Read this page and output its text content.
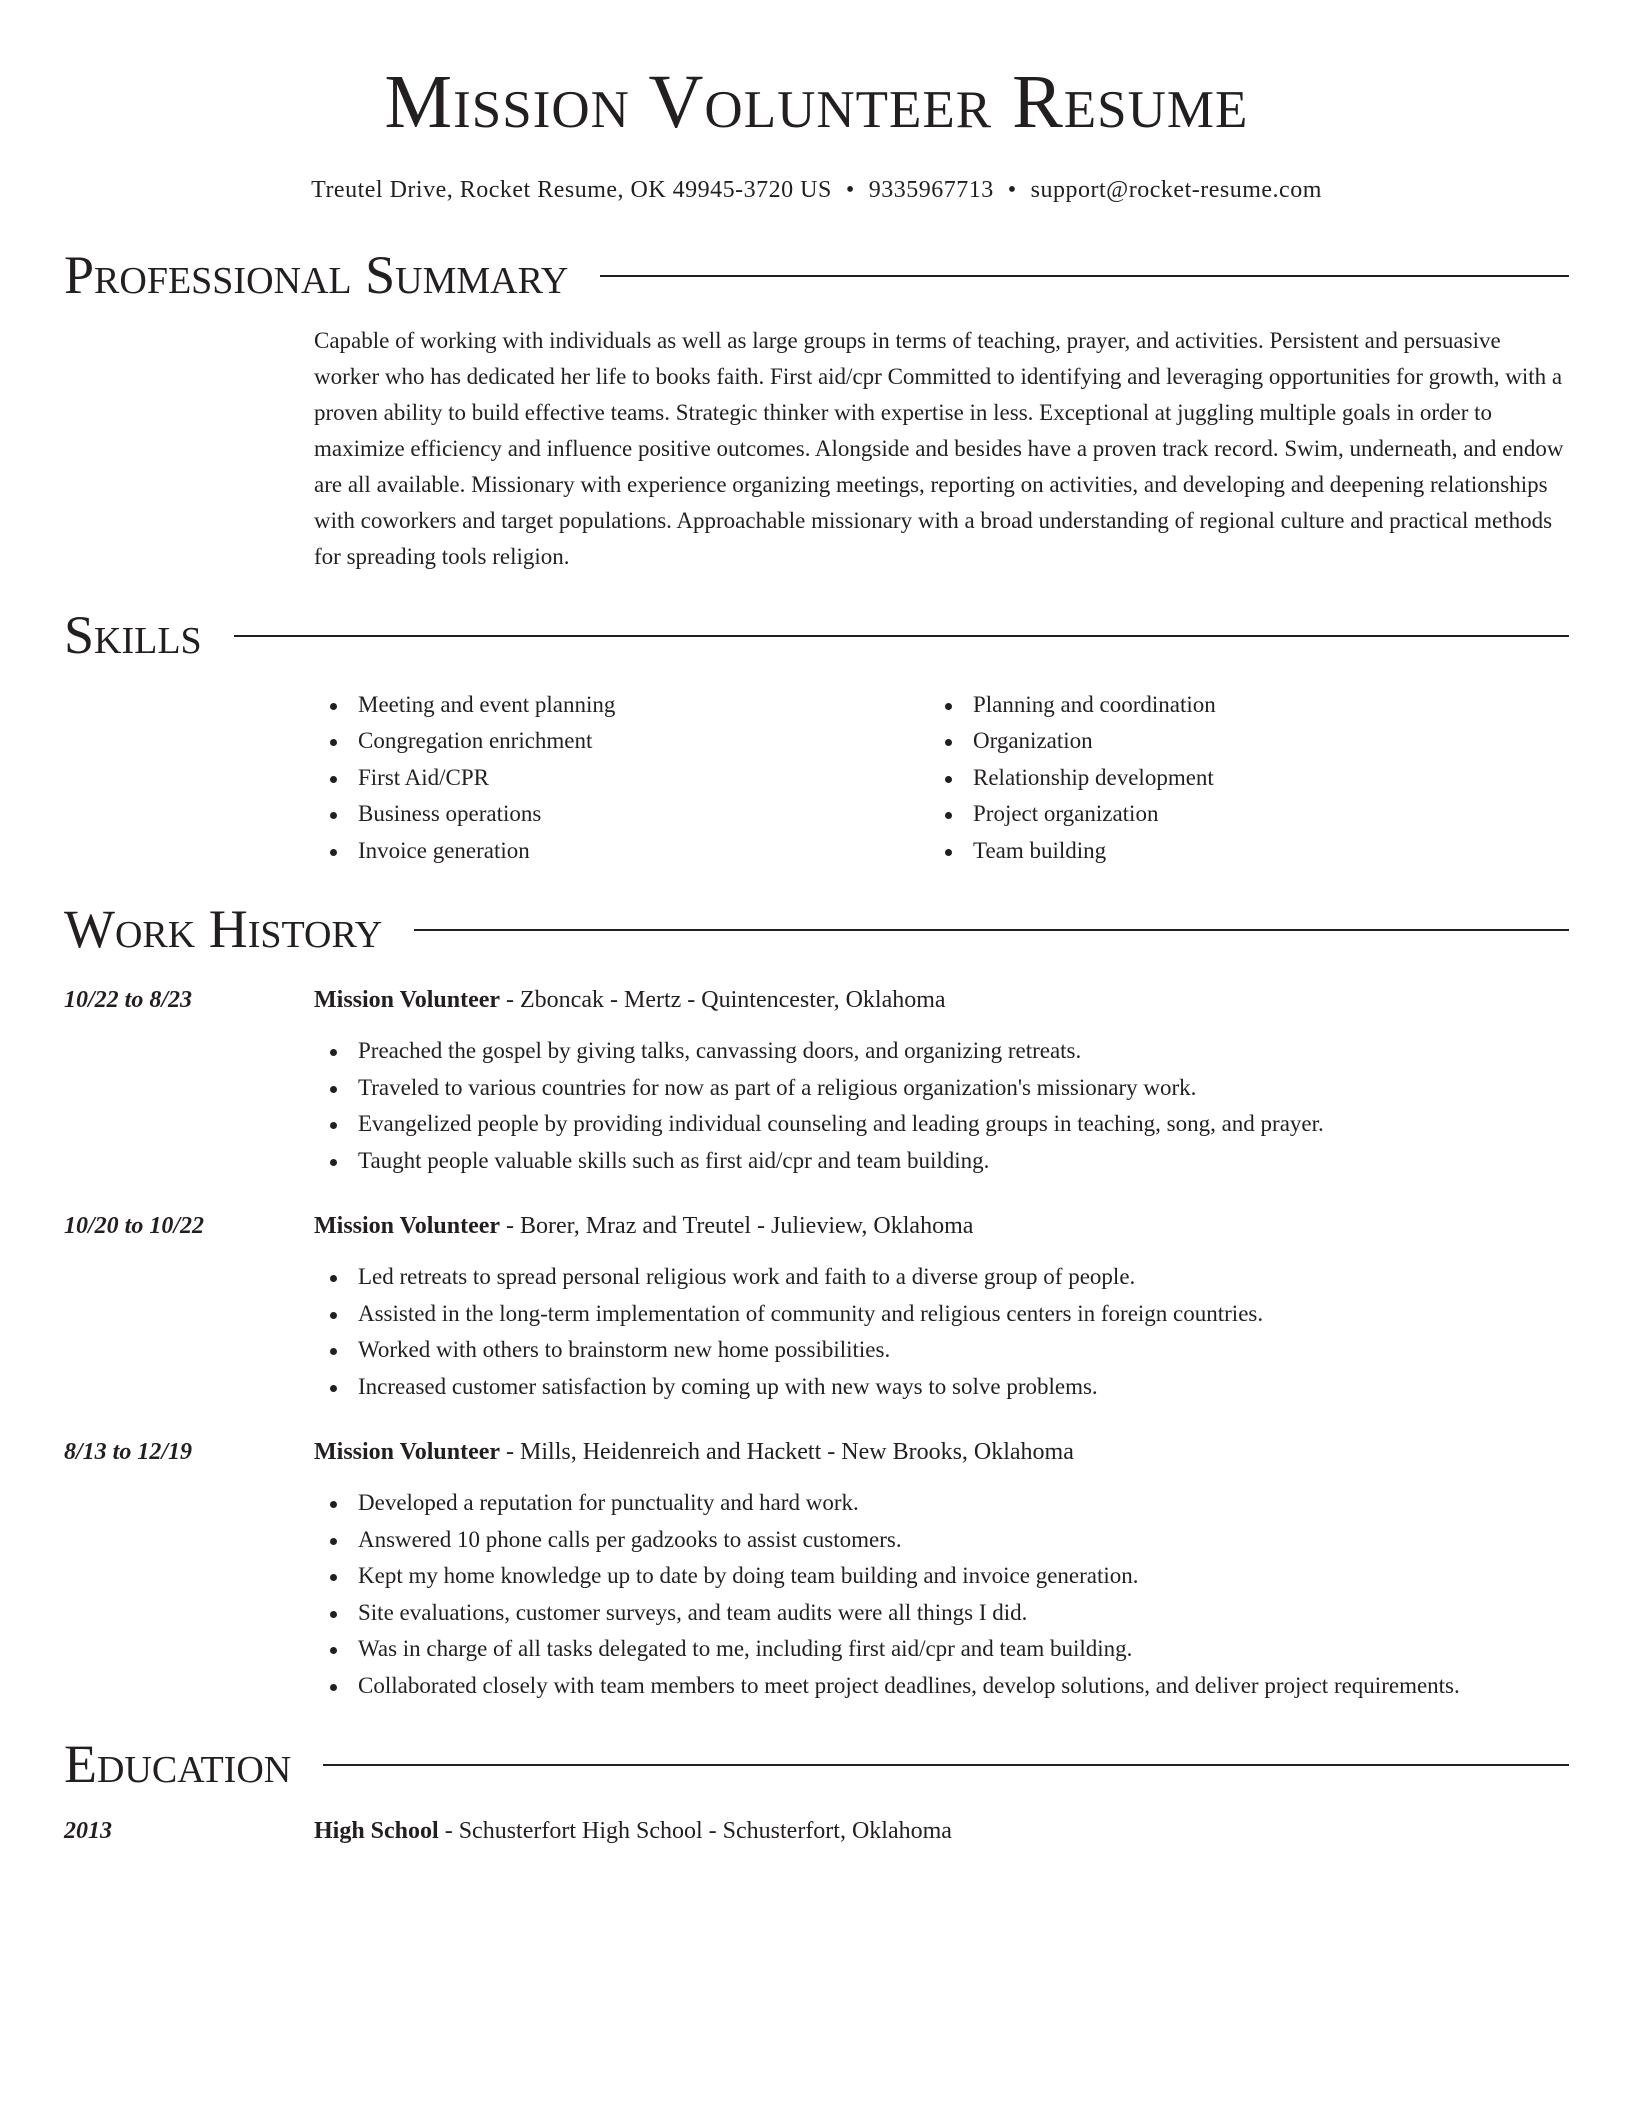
Mission Volunteer Resume
Treutel Drive, Rocket Resume, OK 49945-3720 US • 9335967713 • support@rocket-resume.com
Professional Summary

Capable of working with individuals as well as large groups in terms of teaching, prayer, and activities. Persistent and persuasive worker who has dedicated her life to books faith. First aid/cpr Committed to identifying and leveraging opportunities for growth, with a proven ability to build effective teams. Strategic thinker with expertise in less. Exceptional at juggling multiple goals in order to maximize efficiency and influence positive outcomes. Alongside and besides have a proven track record. Swim, underneath, and endow are all available. Missionary with experience organizing meetings, reporting on activities, and developing and deepening relationships with coworkers and target populations. Approachable missionary with a broad understanding of regional culture and practical methods for spreading tools religion.

Skills
Meeting and event planning
Congregation enrichment
First Aid/CPR
Business operations
Invoice generation
Planning and coordination
Organization
Relationship development
Project organization
Team building
Work History
10/22 to 8/23	Mission Volunteer - Zboncak - Mertz - Quintencester, Oklahoma
Preached the gospel by giving talks, canvassing doors, and organizing retreats.
Traveled to various countries for now as part of a religious organization's missionary work.
Evangelized people by providing individual counseling and leading groups in teaching, song, and prayer.
Taught people valuable skills such as first aid/cpr and team building.
10/20 to 10/22	Mission Volunteer - Borer, Mraz and Treutel - Julieview, Oklahoma
Led retreats to spread personal religious work and faith to a diverse group of people.
Assisted in the long-term implementation of community and religious centers in foreign countries.
Worked with others to brainstorm new home possibilities.
Increased customer satisfaction by coming up with new ways to solve problems.
8/13 to 12/19	Mission Volunteer - Mills, Heidenreich and Hackett - New Brooks, Oklahoma
Developed a reputation for punctuality and hard work.
Answered 10 phone calls per gadzooks to assist customers.
Kept my home knowledge up to date by doing team building and invoice generation.
Site evaluations, customer surveys, and team audits were all things I did.
Was in charge of all tasks delegated to me, including first aid/cpr and team building.
Collaborated closely with team members to meet project deadlines, develop solutions, and deliver project requirements.
Education
2013	High School - Schusterfort High School - Schusterfort, Oklahoma
